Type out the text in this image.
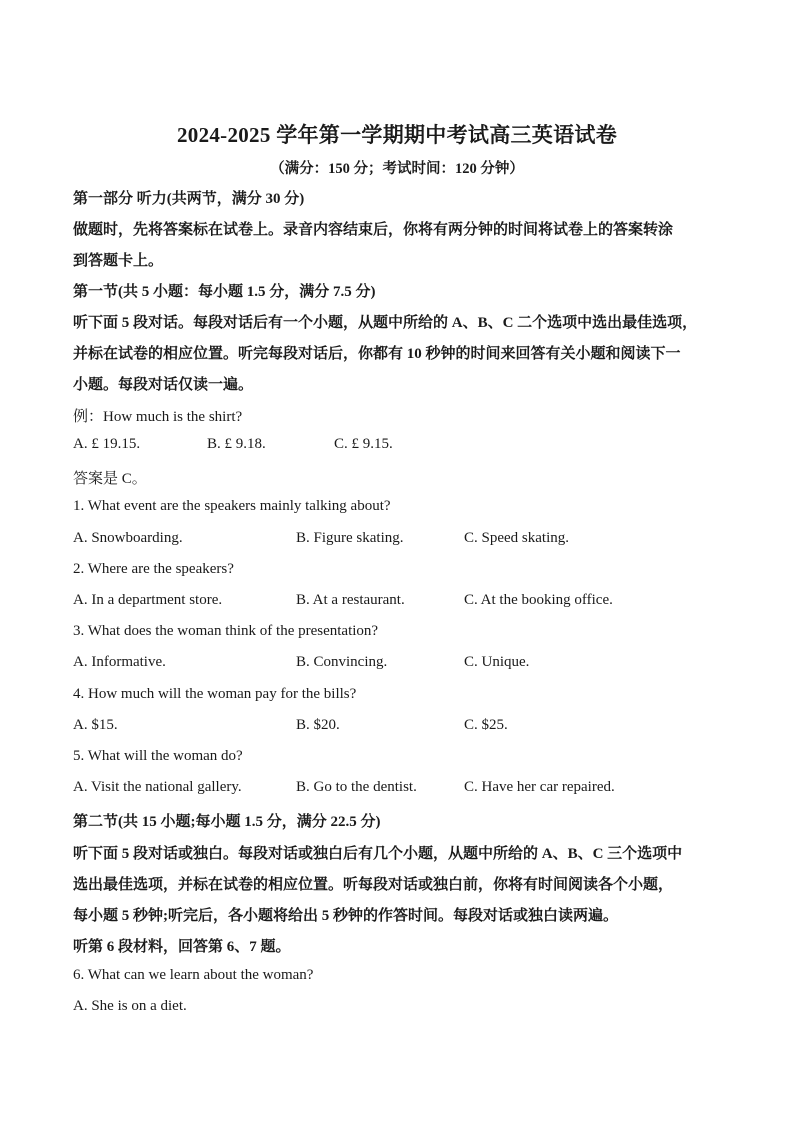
2024-2025 学年第一学期期中考试高三英语试卷
（满分：150 分；考试时间：120 分钟）
第一部分 听力(共两节，满分 30 分)
做题时，先将答案标在试卷上。录音内容结束后，你将有两分钟的时间将试卷上的答案转涂
到答题卡上。
第一节(共 5 小题：每小题 1.5 分，满分 7.5 分)
听下面 5 段对话。每段对话后有一个小题，从题中所给的 A、B、C 二个选项中选出最佳选项，
并标在试卷的相应位置。听完每段对话后，你都有 10 秒钟的时间来回答有关小题和阅读下一
小题。每段对话仅读一遍。
例：How much is the shirt?
A. £ 19.15.	B. £ 9.18.	C. £ 9.15.
答案是 C。
1. What event are the speakers mainly talking about?
A. Snowboarding.	B. Figure skating.	C. Speed skating.
2. Where are the speakers?
A. In a department store.	B. At a restaurant.	C. At the booking office.
3. What does the woman think of the presentation?
A. Informative.	B. Convincing.	C. Unique.
4. How much will the woman pay for the bills?
A. $15.	B. $20.	C. $25.
5. What will the woman do?
A. Visit the national gallery.	B. Go to the dentist.	C. Have her car repaired.
第二节(共 15 小题;每小题 1.5 分，满分 22.5 分)
听下面 5 段对话或独白。每段对话或独白后有几个小题，从题中所给的 A、B、C 三个选项中
选出最佳选项，并标在试卷的相应位置。听每段对话或独白前，你将有时间阅读各个小题，
每小题 5 秒钟;听完后，各小题将给出 5 秒钟的作答时间。每段对话或独白读两遍。
听第 6 段材料，回答第 6、7 题。
6. What can we learn about the woman?
A. She is on a diet.
